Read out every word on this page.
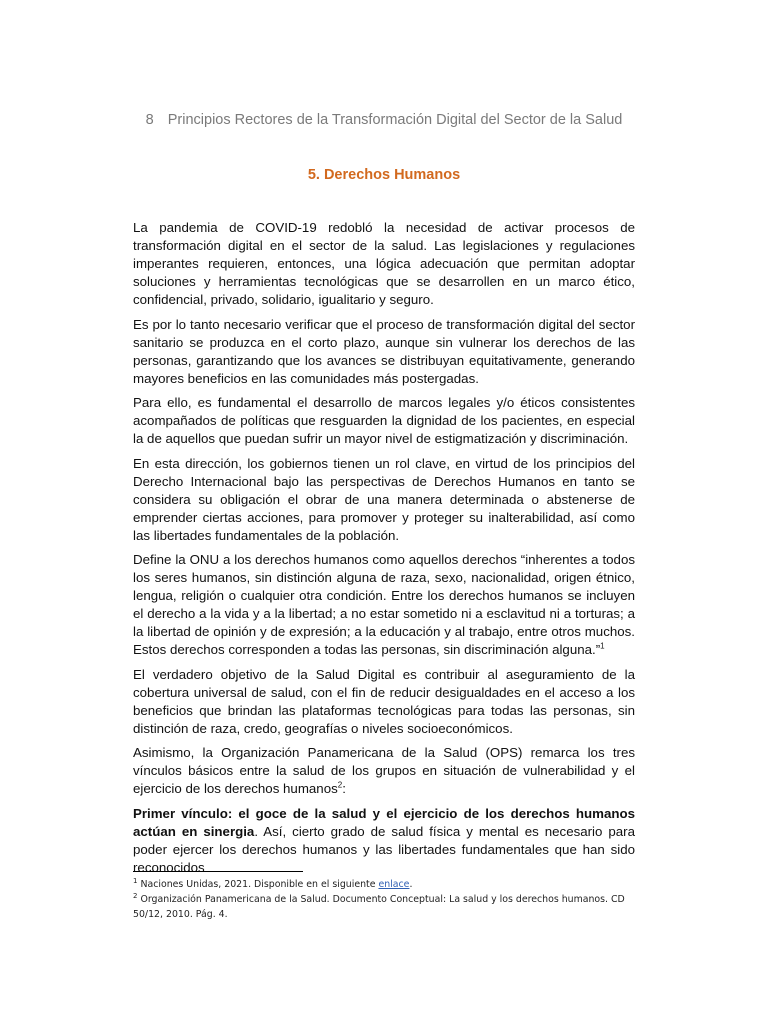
8 Principios Rectores de la Transformación Digital del Sector de la Salud
5. Derechos Humanos

La pandemia de COVID-19 redobló la necesidad de activar procesos de transformación digital en el sector de la salud. Las legislaciones y regulaciones imperantes requieren, entonces, una lógica adecuación que permitan adoptar soluciones y herramientas tecnológicas que se desarrollen en un marco ético, confidencial, privado, solidario, igualitario y seguro.

Es por lo tanto necesario verificar que el proceso de transformación digital del sector sanitario se produzca en el corto plazo, aunque sin vulnerar los derechos de las personas, garantizando que los avances se distribuyan equitativamente, generando mayores beneficios en las comunidades más postergadas.

Para ello, es fundamental el desarrollo de marcos legales y/o éticos consistentes acompañados de políticas que resguarden la dignidad de los pacientes, en especial la de aquellos que puedan sufrir un mayor nivel de estigmatización y discriminación.

En esta dirección, los gobiernos tienen un rol clave, en virtud de los principios del Derecho Internacional bajo las perspectivas de Derechos Humanos en tanto se considera su obligación el obrar de una manera determinada o abstenerse de emprender ciertas acciones, para promover y proteger su inalterabilidad, así como las libertades fundamentales de la población.

Define la ONU a los derechos humanos como aquellos derechos “inherentes a todos los seres humanos, sin distinción alguna de raza, sexo, nacionalidad, origen étnico, lengua, religión o cualquier otra condición. Entre los derechos humanos se incluyen el derecho a la vida y a la libertad; a no estar sometido ni a esclavitud ni a torturas; a la libertad de opinión y de expresión; a la educación y al trabajo, entre otros muchos. Estos derechos corresponden a todas las personas, sin discriminación alguna.”$^1$

El verdadero objetivo de la Salud Digital es contribuir al aseguramiento de la cobertura universal de salud, con el fin de reducir desigualdades en el acceso a los beneficios que brindan las plataformas tecnológicas para todas las personas, sin distinción de raza, credo, geografías o niveles socioeconómicos.

Asimismo, la Organización Panamericana de la Salud (OPS) remarca los tres vínculos básicos entre la salud de los grupos en situación de vulnerabilidad y el ejercicio de los derechos humanos$^2$:

Primer vínculo: el goce de la salud y el ejercicio de los derechos humanos actúan en sinergia. Así, cierto grado de salud física y mental es necesario para poder ejercer los derechos humanos y las libertades fundamentales que han sido reconocidos

$^1$ Naciones Unidas, 2021. Disponible en el siguiente enlace.

$^2$ Organización Panamericana de la Salud. Documento Conceptual: La salud y los derechos humanos. CD 50/12, 2010. Pág. 4.
